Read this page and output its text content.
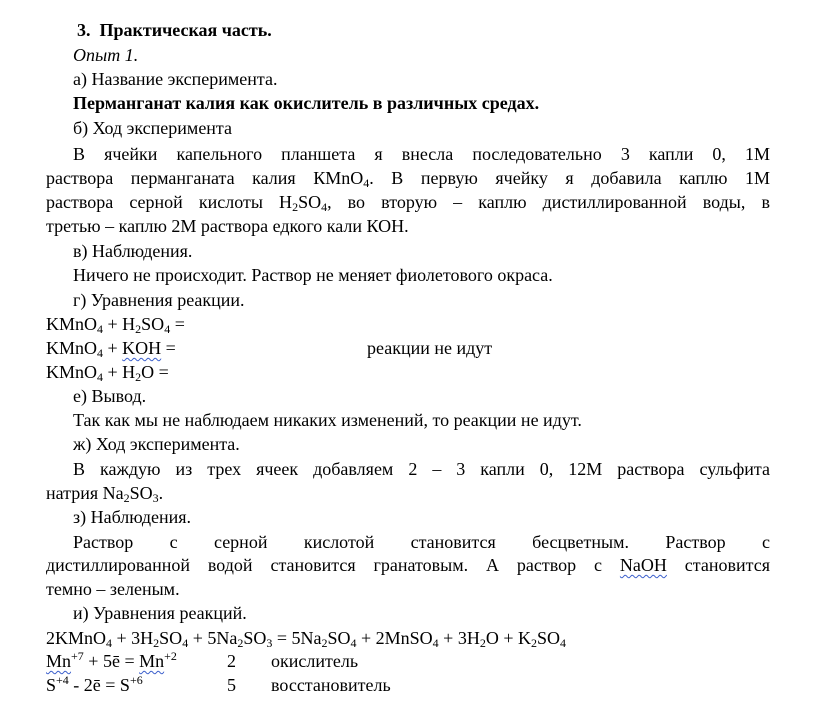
3. Практическая часть.
Опыт 1.
а) Название эксперимента.
Перманганат калия как окислитель в различных средах.
б) Ход эксперимента
В ячейки капельного планшета я внесла последовательно 3 капли 0, 1М
раствора перманганата калия КMnO$_4$. В первую ячейку я добавила каплю 1М
раствора серной кислоты $H_2SO_4$, во вторую – каплю дистиллированной воды, в
третью – каплю 2М раствора едкого кали КОН.
в) Наблюдения.
Ничего не происходит. Раствор не меняет фиолетового окраса.
г) Уравнения реакции.
KMnO$_4$ + $H_2SO_4$ =
KMnO$_4$ + KOH =	реакции не идут
KMnO$_4$ + $H_2O$ =
е) Вывод.
Так как мы не наблюдаем никаких изменений, то реакции не идут.
ж) Ход эксперимента.
В каждую из трех ячеек добавляем 2 – 3 капли 0, 12М раствора сульфита
натрия $Na_2SO_3$.
з) Наблюдения.
Раствор с серной кислотой становится бесцветным. Раствор с
дистиллированной водой становится гранатовым. А раствор с NaOH становится
темно – зеленым.
и) Уравнения реакций.
2KMnO$_4$ + $3H_2SO_4 + 5Na_2SO_3 = 5Na_2SO_4$ + 2MnSO$_4$ + $3H_2O + K_2SO_4$
$Mn^{+7}$ + 5ē = $Mn^{+2}$	2 окислитель
$S^{+4}$ - 2ē = $S^{+6}$	5 восстановитель
